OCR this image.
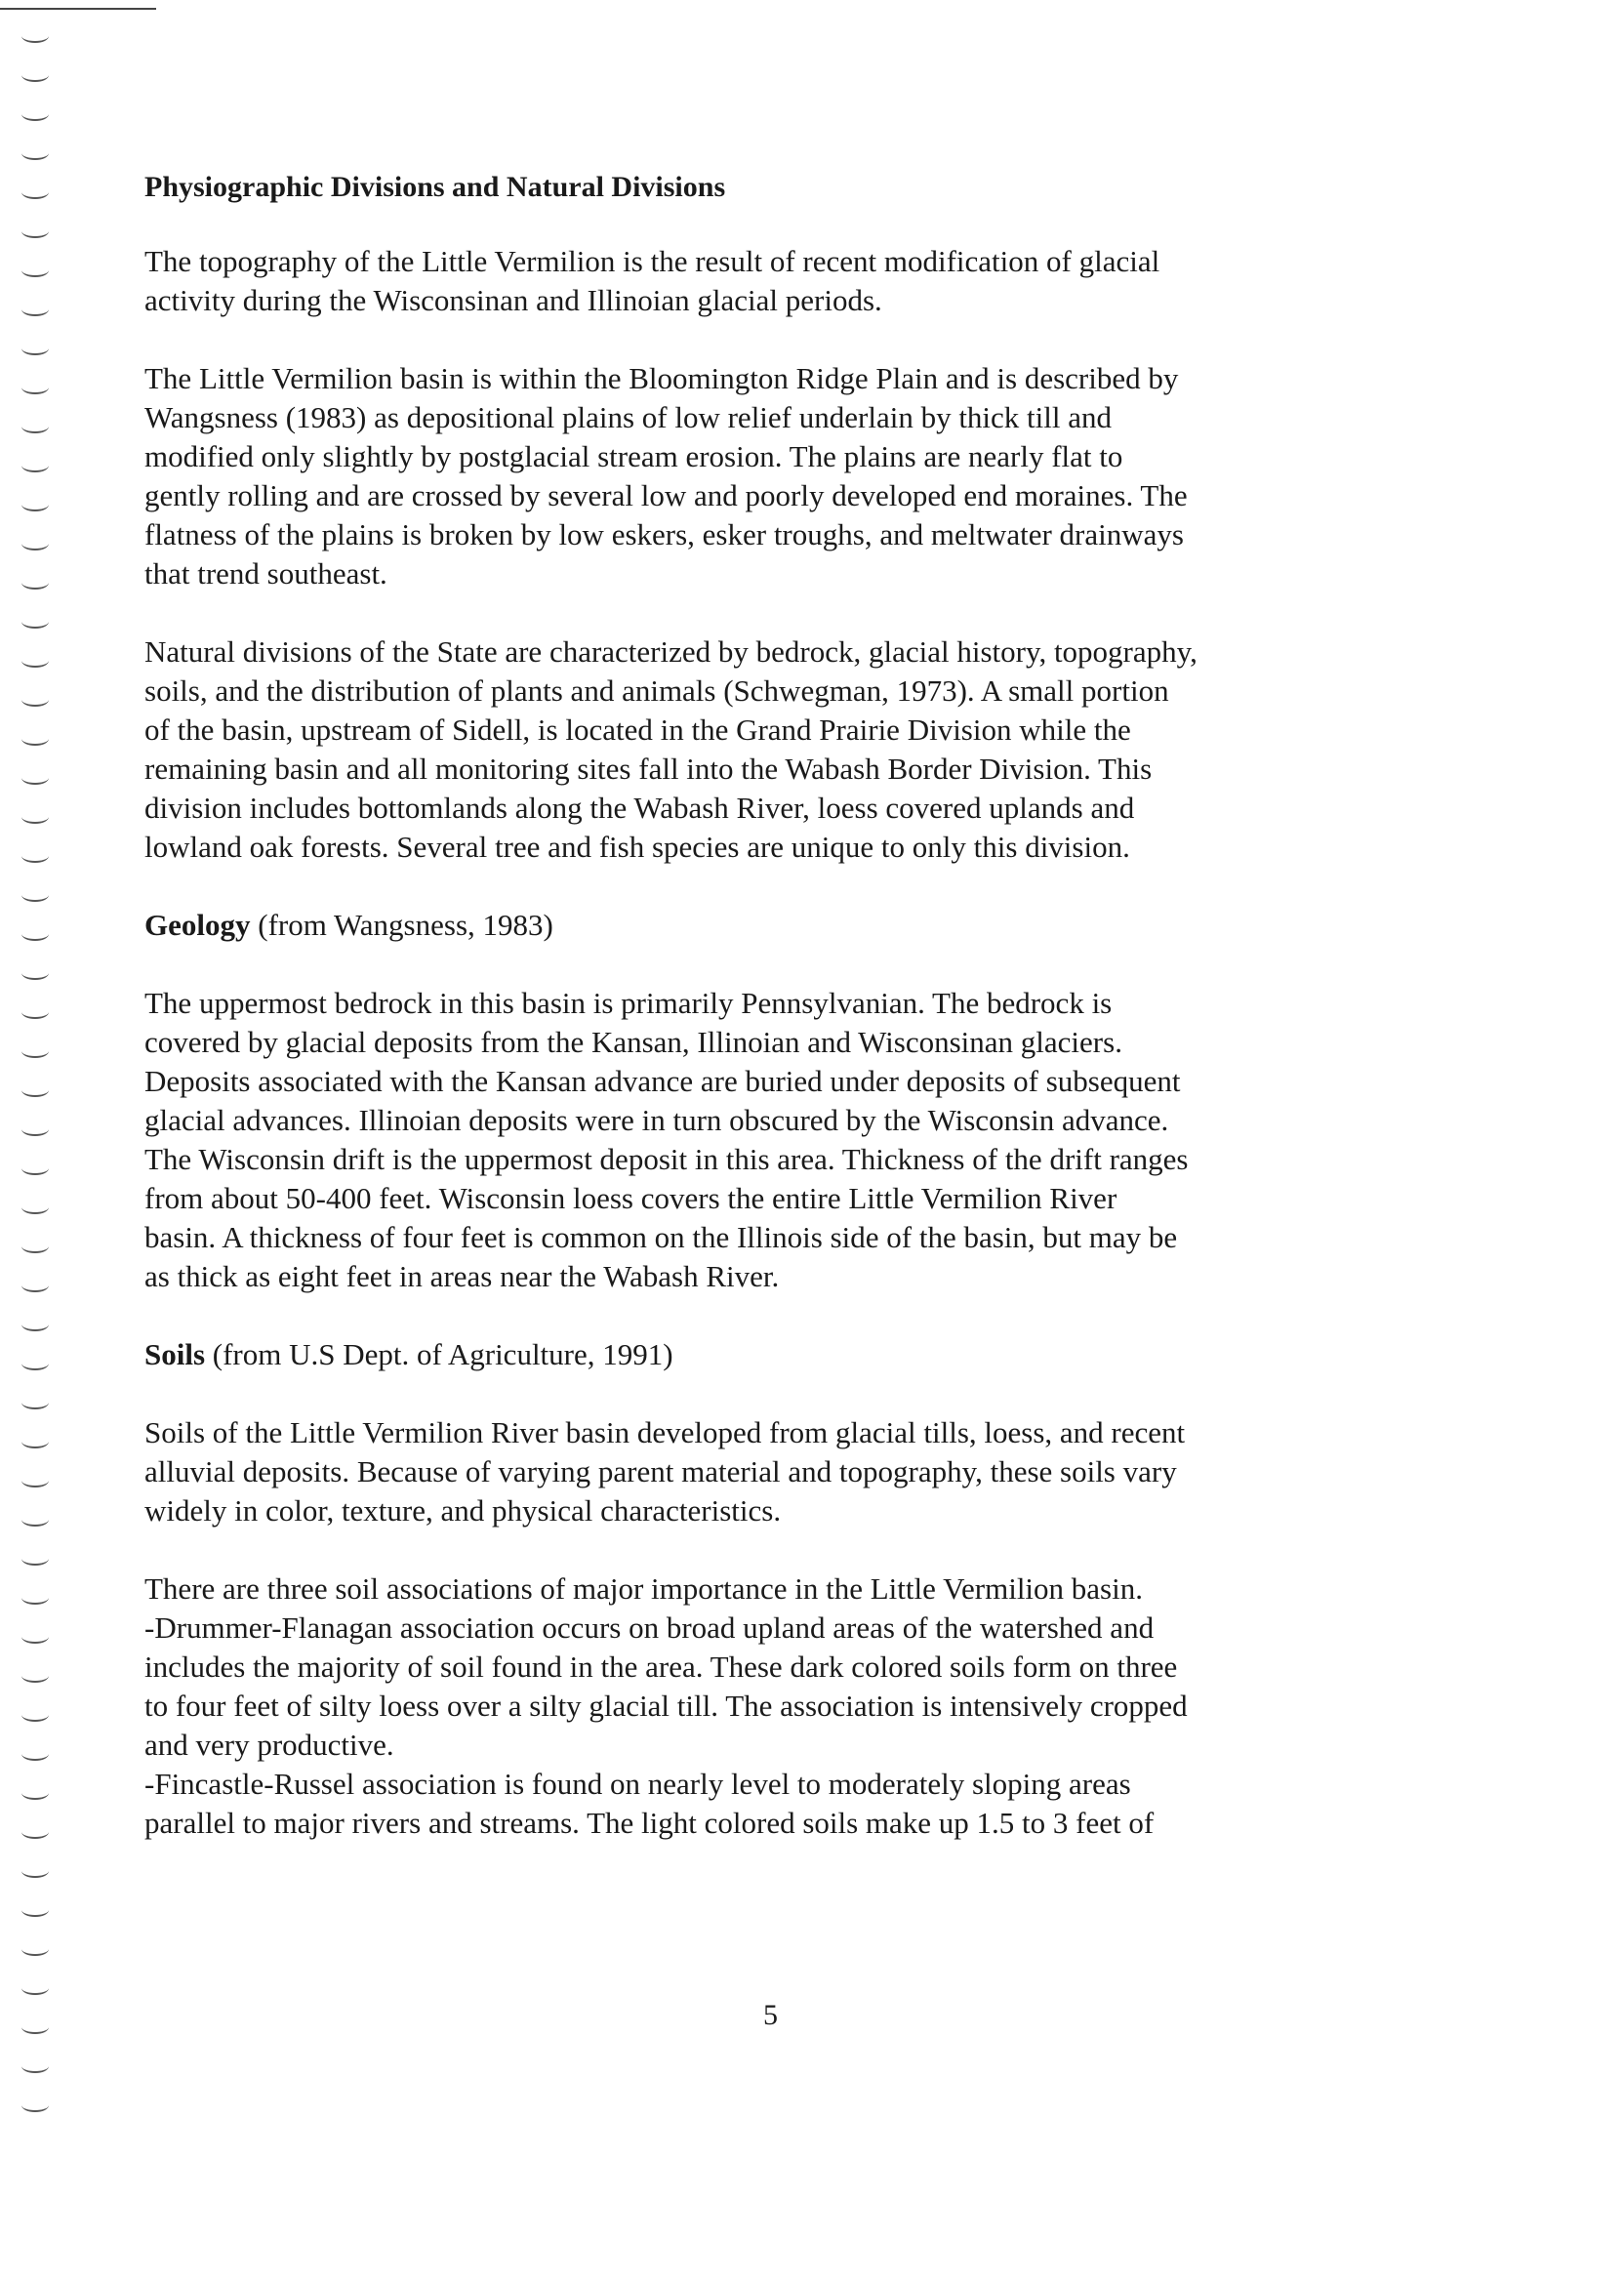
Physiographic Divisions and Natural Divisions

The topography of the Little Vermilion is the result of recent modification of glacial
activity during the Wisconsinan and Illinoian glacial periods.

The Little Vermilion basin is within the Bloomington Ridge Plain and is described by
Wangsness (1983) as depositional plains of low relief underlain by thick till and
modified only slightly by postglacial stream erosion. The plains are nearly flat to
gently rolling and are crossed by several low and poorly developed end moraines. The
flatness of the plains is broken by low eskers, esker troughs, and meltwater drainways
that trend southeast.

Natural divisions of the State are characterized by bedrock, glacial history, topography,
soils, and the distribution of plants and animals (Schwegman, 1973). A small portion
of the basin, upstream of Sidell, is located in the Grand Prairie Division while the
remaining basin and all monitoring sites fall into the Wabash Border Division. This
division includes bottomlands along the Wabash River, loess covered uplands and
lowland oak forests. Several tree and fish species are unique to only this division.

Geology (from Wangsness, 1983)

The uppermost bedrock in this basin is primarily Pennsylvanian. The bedrock is
covered by glacial deposits from the Kansan, Illinoian and Wisconsinan glaciers.
Deposits associated with the Kansan advance are buried under deposits of subsequent
glacial advances. Illinoian deposits were in turn obscured by the Wisconsin advance.
The Wisconsin drift is the uppermost deposit in this area. Thickness of the drift ranges
from about 50-400 feet. Wisconsin loess covers the entire Little Vermilion River
basin. A thickness of four feet is common on the Illinois side of the basin, but may be
as thick as eight feet in areas near the Wabash River.

Soils (from U.S Dept. of Agriculture, 1991)

Soils of the Little Vermilion River basin developed from glacial tills, loess, and recent
alluvial deposits. Because of varying parent material and topography, these soils vary
widely in color, texture, and physical characteristics.

There are three soil associations of major importance in the Little Vermilion basin.
-Drummer-Flanagan association occurs on broad upland areas of the watershed and
includes the majority of soil found in the area. These dark colored soils form on three
to four feet of silty loess over a silty glacial till. The association is intensively cropped
and very productive.
-Fincastle-Russel association is found on nearly level to moderately sloping areas
parallel to major rivers and streams. The light colored soils make up 1.5 to 3 feet of

5
